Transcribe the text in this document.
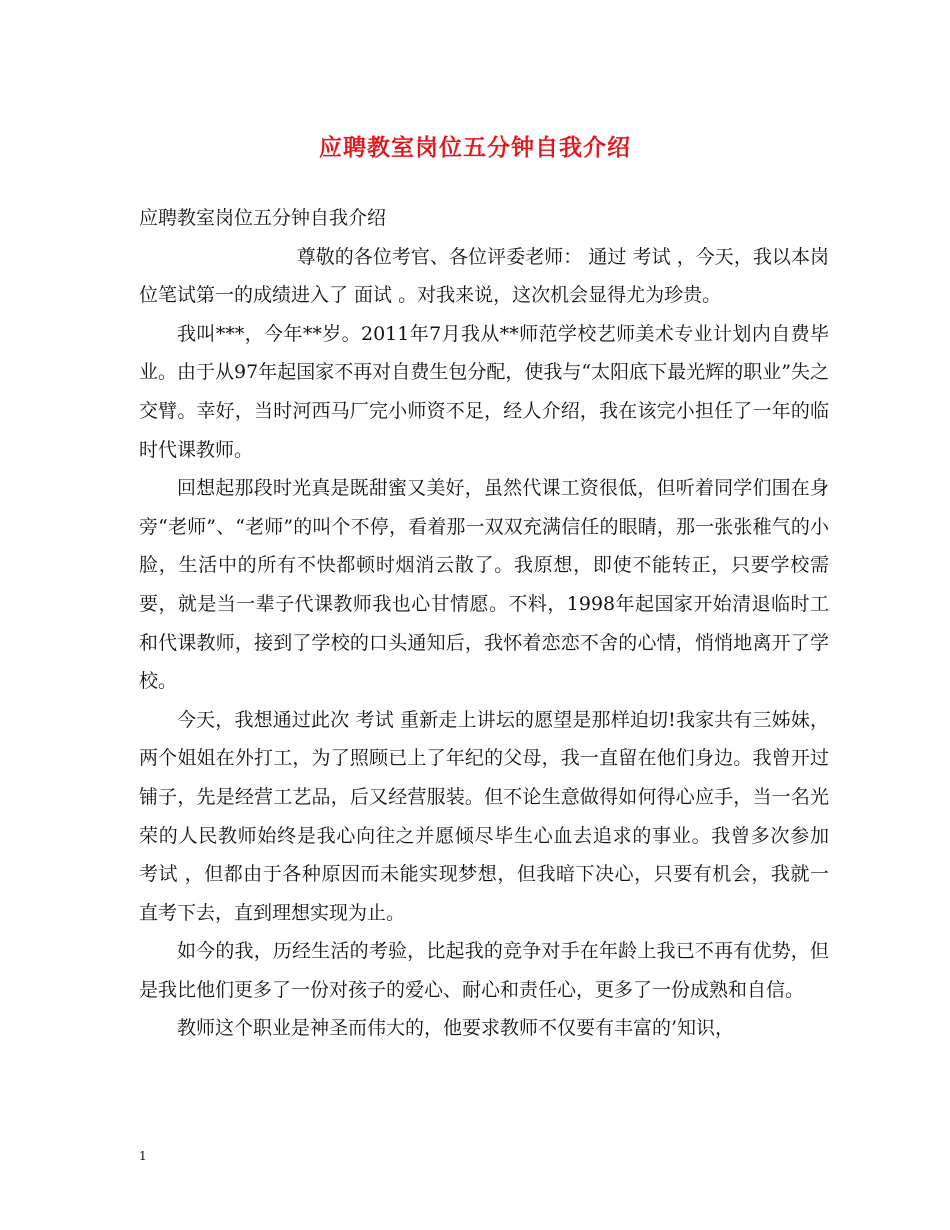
应聘教室岗位五分钟自我介绍

应聘教室岗位五分钟自我介绍

尊敬的各位考官、各位评委老师： 通过 考试 ，今天，我以本岗位笔试第一的成绩进入了 面试 。对我来说，这次机会显得尤为珍贵。

我叫***，今年**岁。2011年7月我从**师范学校艺师美术专业计划内自费毕业。由于从97年起国家不再对自费生包分配，使我与“太阳底下最光辉的职业”失之交臂。幸好，当时河西马厂完小师资不足，经人介绍，我在该完小担任了一年的临时代课教师。

回想起那段时光真是既甜蜜又美好，虽然代课工资很低，但听着同学们围在身旁“老师”、“老师”的叫个不停，看着那一双双充满信任的眼睛，那一张张稚气的小脸，生活中的所有不快都顿时烟消云散了。我原想，即使不能转正，只要学校需要，就是当一辈子代课教师我也心甘情愿。不料，1998年起国家开始清退临时工和代课教师，接到了学校的口头通知后，我怀着恋恋不舍的心情，悄悄地离开了学校。

今天，我想通过此次 考试 重新走上讲坛的愿望是那样迫切!我家共有三姊妹，两个姐姐在外打工，为了照顾已上了年纪的父母，我一直留在他们身边。我曾开过铺子，先是经营工艺品，后又经营服装。但不论生意做得如何得心应手，当一名光荣的人民教师始终是我心向往之并愿倾尽毕生心血去追求的事业。我曾多次参加 考试 ，但都由于各种原因而未能实现梦想，但我暗下决心，只要有机会，我就一直考下去，直到理想实现为止。

如今的我，历经生活的考验，比起我的竞争对手在年龄上我已不再有优势，但是我比他们更多了一份对孩子的爱心、耐心和责任心，更多了一份成熟和自信。

教师这个职业是神圣而伟大的，他要求教师不仅要有丰富的’知识，

1
